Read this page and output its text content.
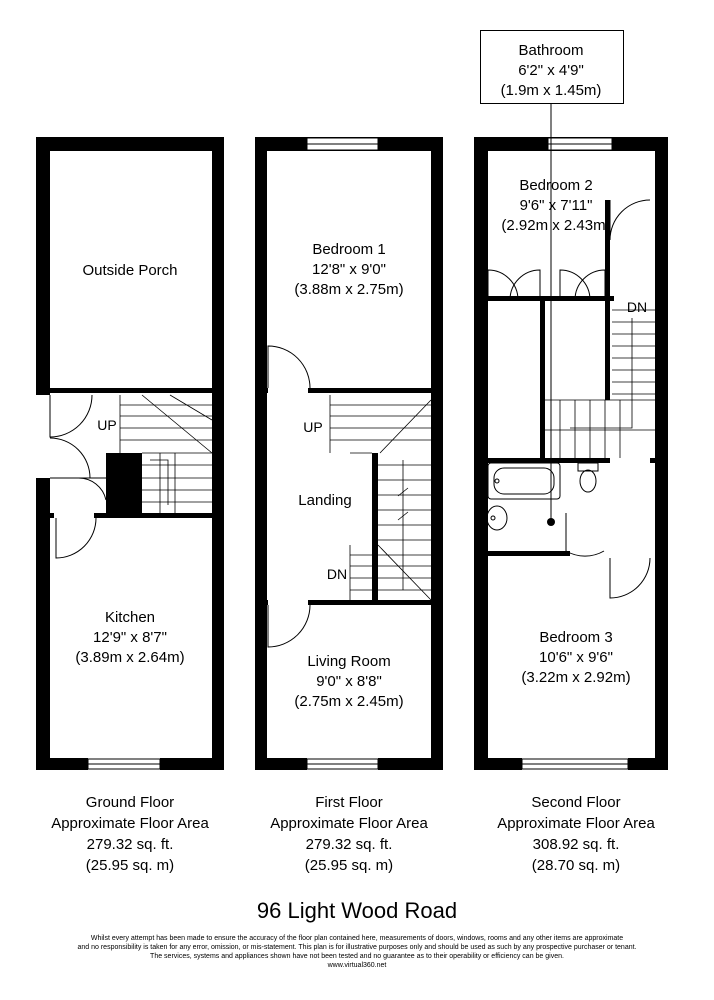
Bathroom
6'2" x 4'9"
(1.9m x 1.45m)
Outside Porch
Kitchen
12'9" x 8'7"
(3.89m x 2.64m)
UP
Bedroom 1
12'8" x 9'0"
(3.88m x 2.75m)
Landing
Living Room
9'0" x 8'8"
(2.75m x 2.45m)
UP
DN
Bedroom 2
9'6" x 7'11"
(2.92m x 2.43m)
Bedroom 3
10'6" x 9'6"
(3.22m x 2.92m)
DN
Ground Floor
Approximate Floor Area
279.32 sq. ft.
(25.95 sq. m)
First Floor
Approximate Floor Area
279.32 sq. ft.
(25.95 sq. m)
Second Floor
Approximate Floor Area
308.92 sq. ft.
(28.70 sq. m)
96 Light Wood Road
Whilst every attempt has been made to ensure the accuracy of the floor plan contained here, measurements of doors, windows, rooms and any other items are approximate
and no responsibility is taken for any error, omission, or mis-statement. This plan is for illustrative purposes only and should be used as such by any prospective purchaser or tenant.
The services, systems and appliances shown have not been tested and no guarantee as to their operability or efficiency can be given.
www.virtual360.net
